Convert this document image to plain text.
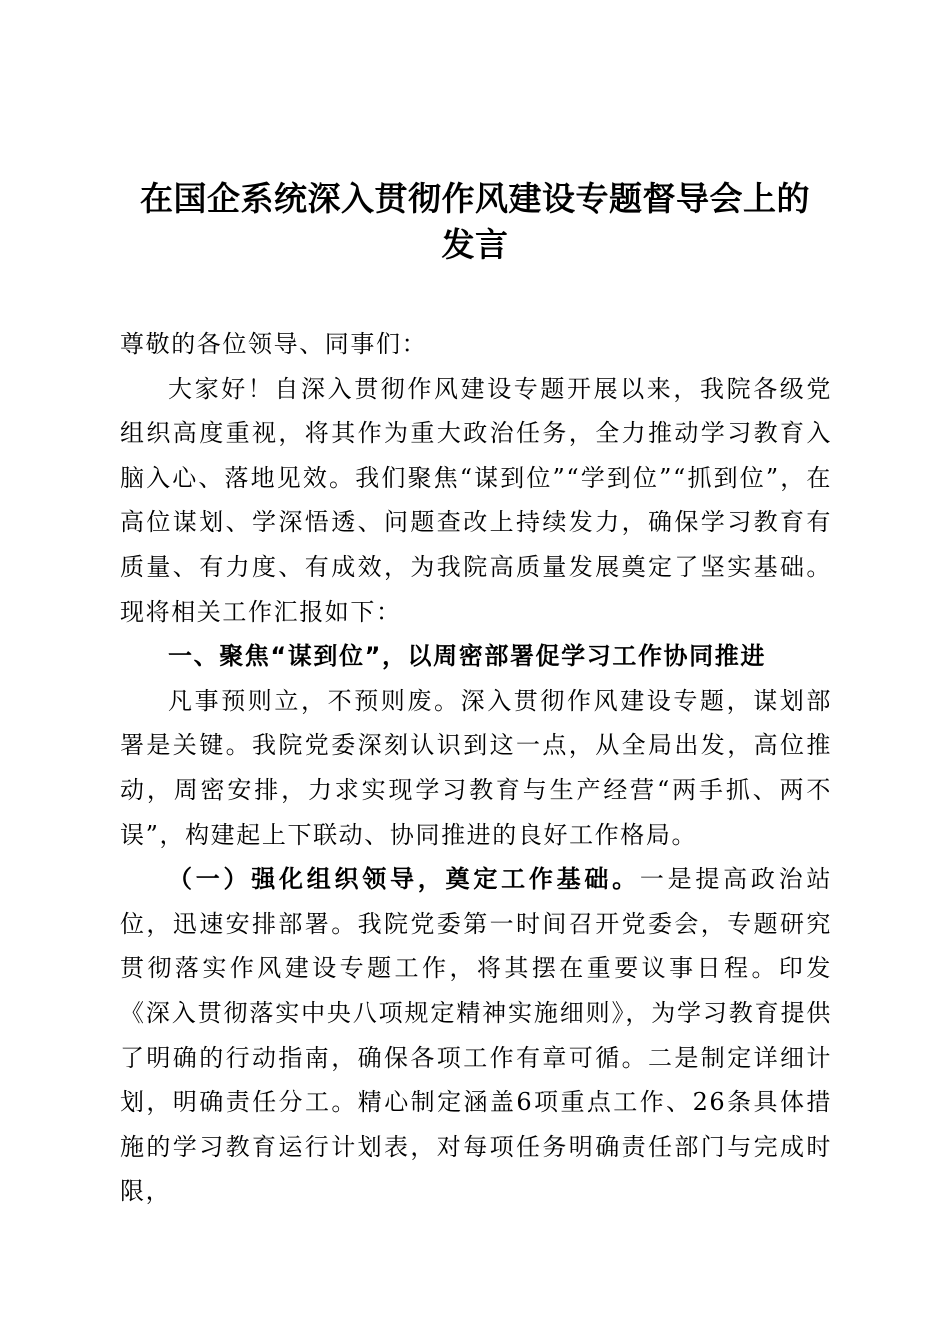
在国企系统深入贯彻作风建设专题督导会上的
发言

尊敬的各位领导、同事们：

大家好！自深入贯彻作风建设专题开展以来，我院各级党组织高度重视，将其作为重大政治任务，全力推动学习教育入脑入心、落地见效。我们聚焦“谋到位”“学到位”“抓到位”，在高位谋划、学深悟透、问题查改上持续发力，确保学习教育有质量、有力度、有成效，为我院高质量发展奠定了坚实基础。现将相关工作汇报如下：

一、聚焦“谋到位”，以周密部署促学习工作协同推进

凡事预则立，不预则废。深入贯彻作风建设专题，谋划部署是关键。我院党委深刻认识到这一点，从全局出发，高位推动，周密安排，力求实现学习教育与生产经营“两手抓、两不误”，构建起上下联动、协同推进的良好工作格局。

（一）强化组织领导，奠定工作基础。一是提高政治站位，迅速安排部署。我院党委第一时间召开党委会，专题研究贯彻落实作风建设专题工作，将其摆在重要议事日程。印发《深入贯彻落实中央八项规定精神实施细则》，为学习教育提供了明确的行动指南，确保各项工作有章可循。二是制定详细计划，明确责任分工。精心制定涵盖6项重点工作、26条具体措施的学习教育运行计划表，对每项任务明确责任部门与完成时限，
